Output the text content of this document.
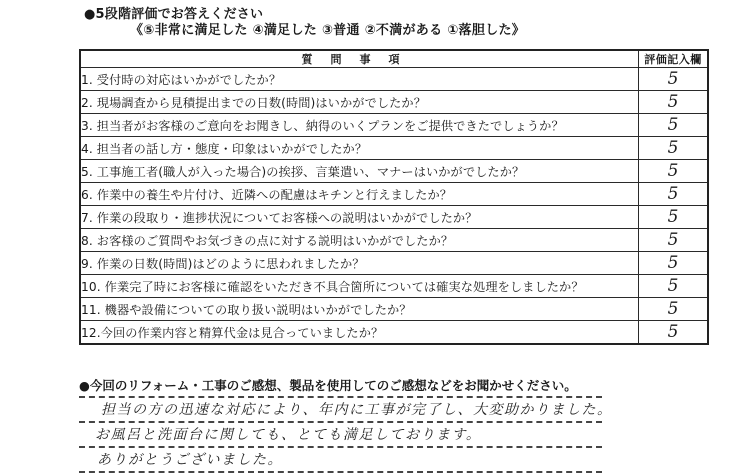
●5段階評価でお答えください
《⑤非常に満足した ④満足した ③普通 ②不満がある ①落胆した》
質問事項	評価記入欄
1. 受付時の対応はいかがでしたか？	5
2. 現場調査から見積提出までの日数(時間)はいかがでしたか？	5
3. 担当者がお客様のご意向をお聞きし、納得のいくプランをご提供できたでしょうか？	5
4. 担当者の話し方・態度・印象はいかがでしたか？	5
5. 工事施工者(職人が入った場合)の挨拶、言葉遣い、マナーはいかがでしたか？	5
6. 作業中の養生や片付け、近隣への配慮はキチンと行えましたか？	5
7. 作業の段取り・進捗状況についてお客様への説明はいかがでしたか？	5
8. お客様のご質問やお気づきの点に対する説明はいかがでしたか？	5
9. 作業の日数(時間)はどのように思われましたか？	5
10. 作業完了時にお客様に確認をいただき不具合箇所については確実な処理をしましたか？	5
11. 機器や設備についての取り扱い説明はいかがでしたか？	5
12.今回の作業内容と精算代金は見合っていましたか？	5
●今回のリフォーム・工事のご感想、製品を使用してのご感想などをお聞かせください。
担当の方の迅速な対応により、年内に工事が完了し、大変助かりました。
お風呂と洗面台に関しても、とても満足しております。
ありがとうございました。
